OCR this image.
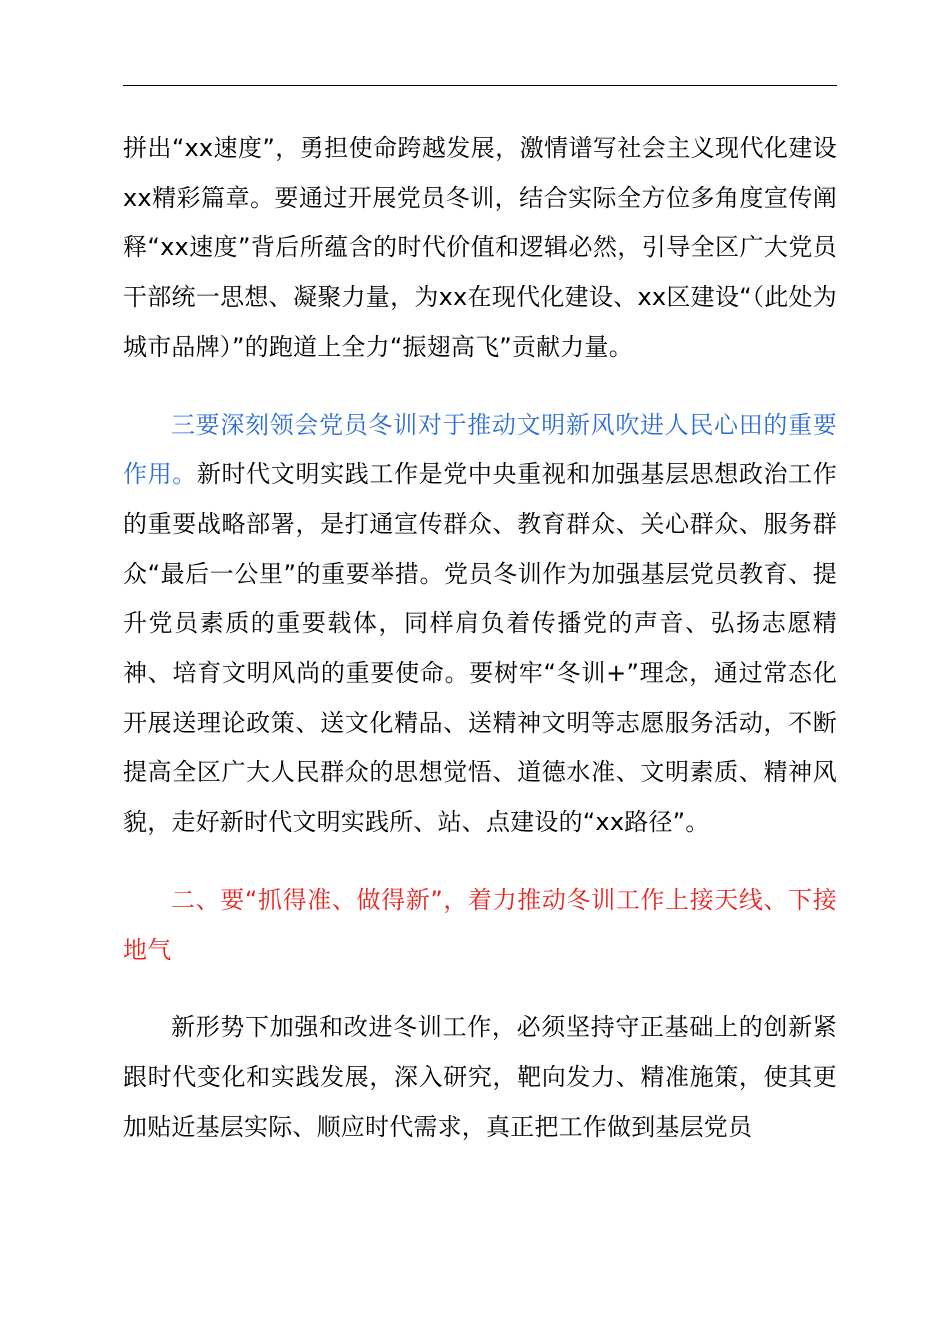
拼出“xx速度”，勇担使命跨越发展，激情谱写社会主义现代化建设xx精彩篇章。要通过开展党员冬训，结合实际全方位多角度宣传阐释“xx速度”背后所蕴含的时代价值和逻辑必然，引导全区广大党员干部统一思想、凝聚力量，为xx在现代化建设、xx区建设“（此处为城市品牌）”的跑道上全力“振翅高飞”贡献力量。

三要深刻领会党员冬训对于推动文明新风吹进人民心田的重要作用。新时代文明实践工作是党中央重视和加强基层思想政治工作的重要战略部署，是打通宣传群众、教育群众、关心群众、服务群众“最后一公里”的重要举措。党员冬训作为加强基层党员教育、提升党员素质的重要载体，同样肩负着传播党的声音、弘扬志愿精神、培育文明风尚的重要使命。要树牢“冬训+”理念，通过常态化开展送理论政策、送文化精品、送精神文明等志愿服务活动，不断提高全区广大人民群众的思想觉悟、道德水准、文明素质、精神风貌，走好新时代文明实践所、站、点建设的“xx路径”。

二、要“抓得准、做得新”，着力推动冬训工作上接天线、下接地气

新形势下加强和改进冬训工作，必须坚持守正基础上的创新紧跟时代变化和实践发展，深入研究，靶向发力、精准施策，使其更加贴近基层实际、顺应时代需求，真正把工作做到基层党员
